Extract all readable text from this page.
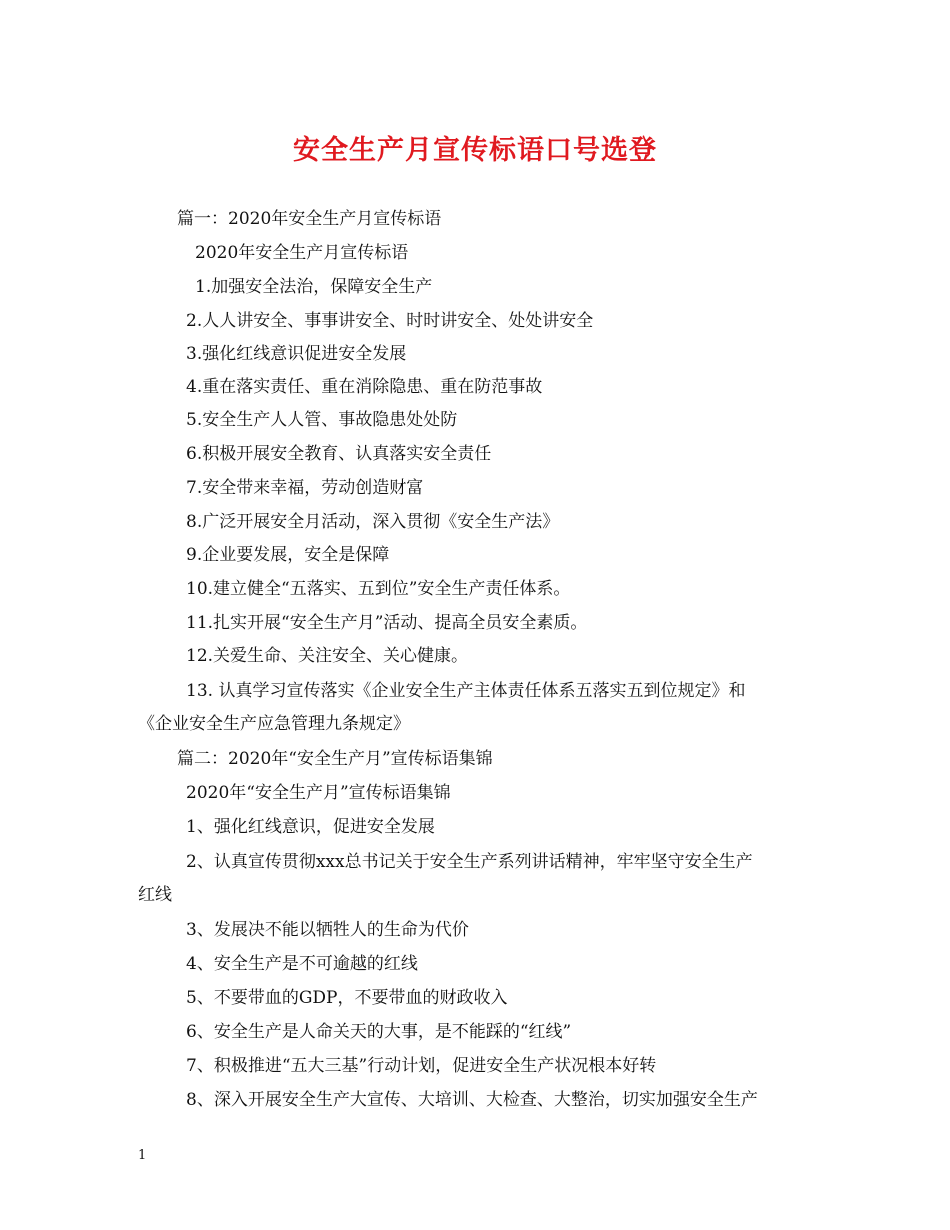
安全生产月宣传标语口号选登
篇一：2020年安全生产月宣传标语
2020年安全生产月宣传标语
1.加强安全法治，保障安全生产
2.人人讲安全、事事讲安全、时时讲安全、处处讲安全
3.强化红线意识促进安全发展
4.重在落实责任、重在消除隐患、重在防范事故
5.安全生产人人管、事故隐患处处防
6.积极开展安全教育、认真落实安全责任
7.安全带来幸福，劳动创造财富
8.广泛开展安全月活动，深入贯彻《安全生产法》
9.企业要发展，安全是保障
10.建立健全“五落实、五到位”安全生产责任体系。
11.扎实开展“安全生产月”活动、提高全员安全素质。
12.关爱生命、关注安全、关心健康。
13. 认真学习宣传落实《企业安全生产主体责任体系五落实五到位规定》和
《企业安全生产应急管理九条规定》
篇二：2020年“安全生产月”宣传标语集锦
2020年“安全生产月”宣传标语集锦
1、强化红线意识，促进安全发展
2、认真宣传贯彻xxx总书记关于安全生产系列讲话精神，牢牢坚守安全生产
红线
3、发展决不能以牺牲人的生命为代价
4、安全生产是不可逾越的红线
5、不要带血的GDP，不要带血的财政收入
6、安全生产是人命关天的大事，是不能踩的“红线”
7、积极推进“五大三基”行动计划，促进安全生产状况根本好转
8、深入开展安全生产大宣传、大培训、大检查、大整治，切实加强安全生产
1
